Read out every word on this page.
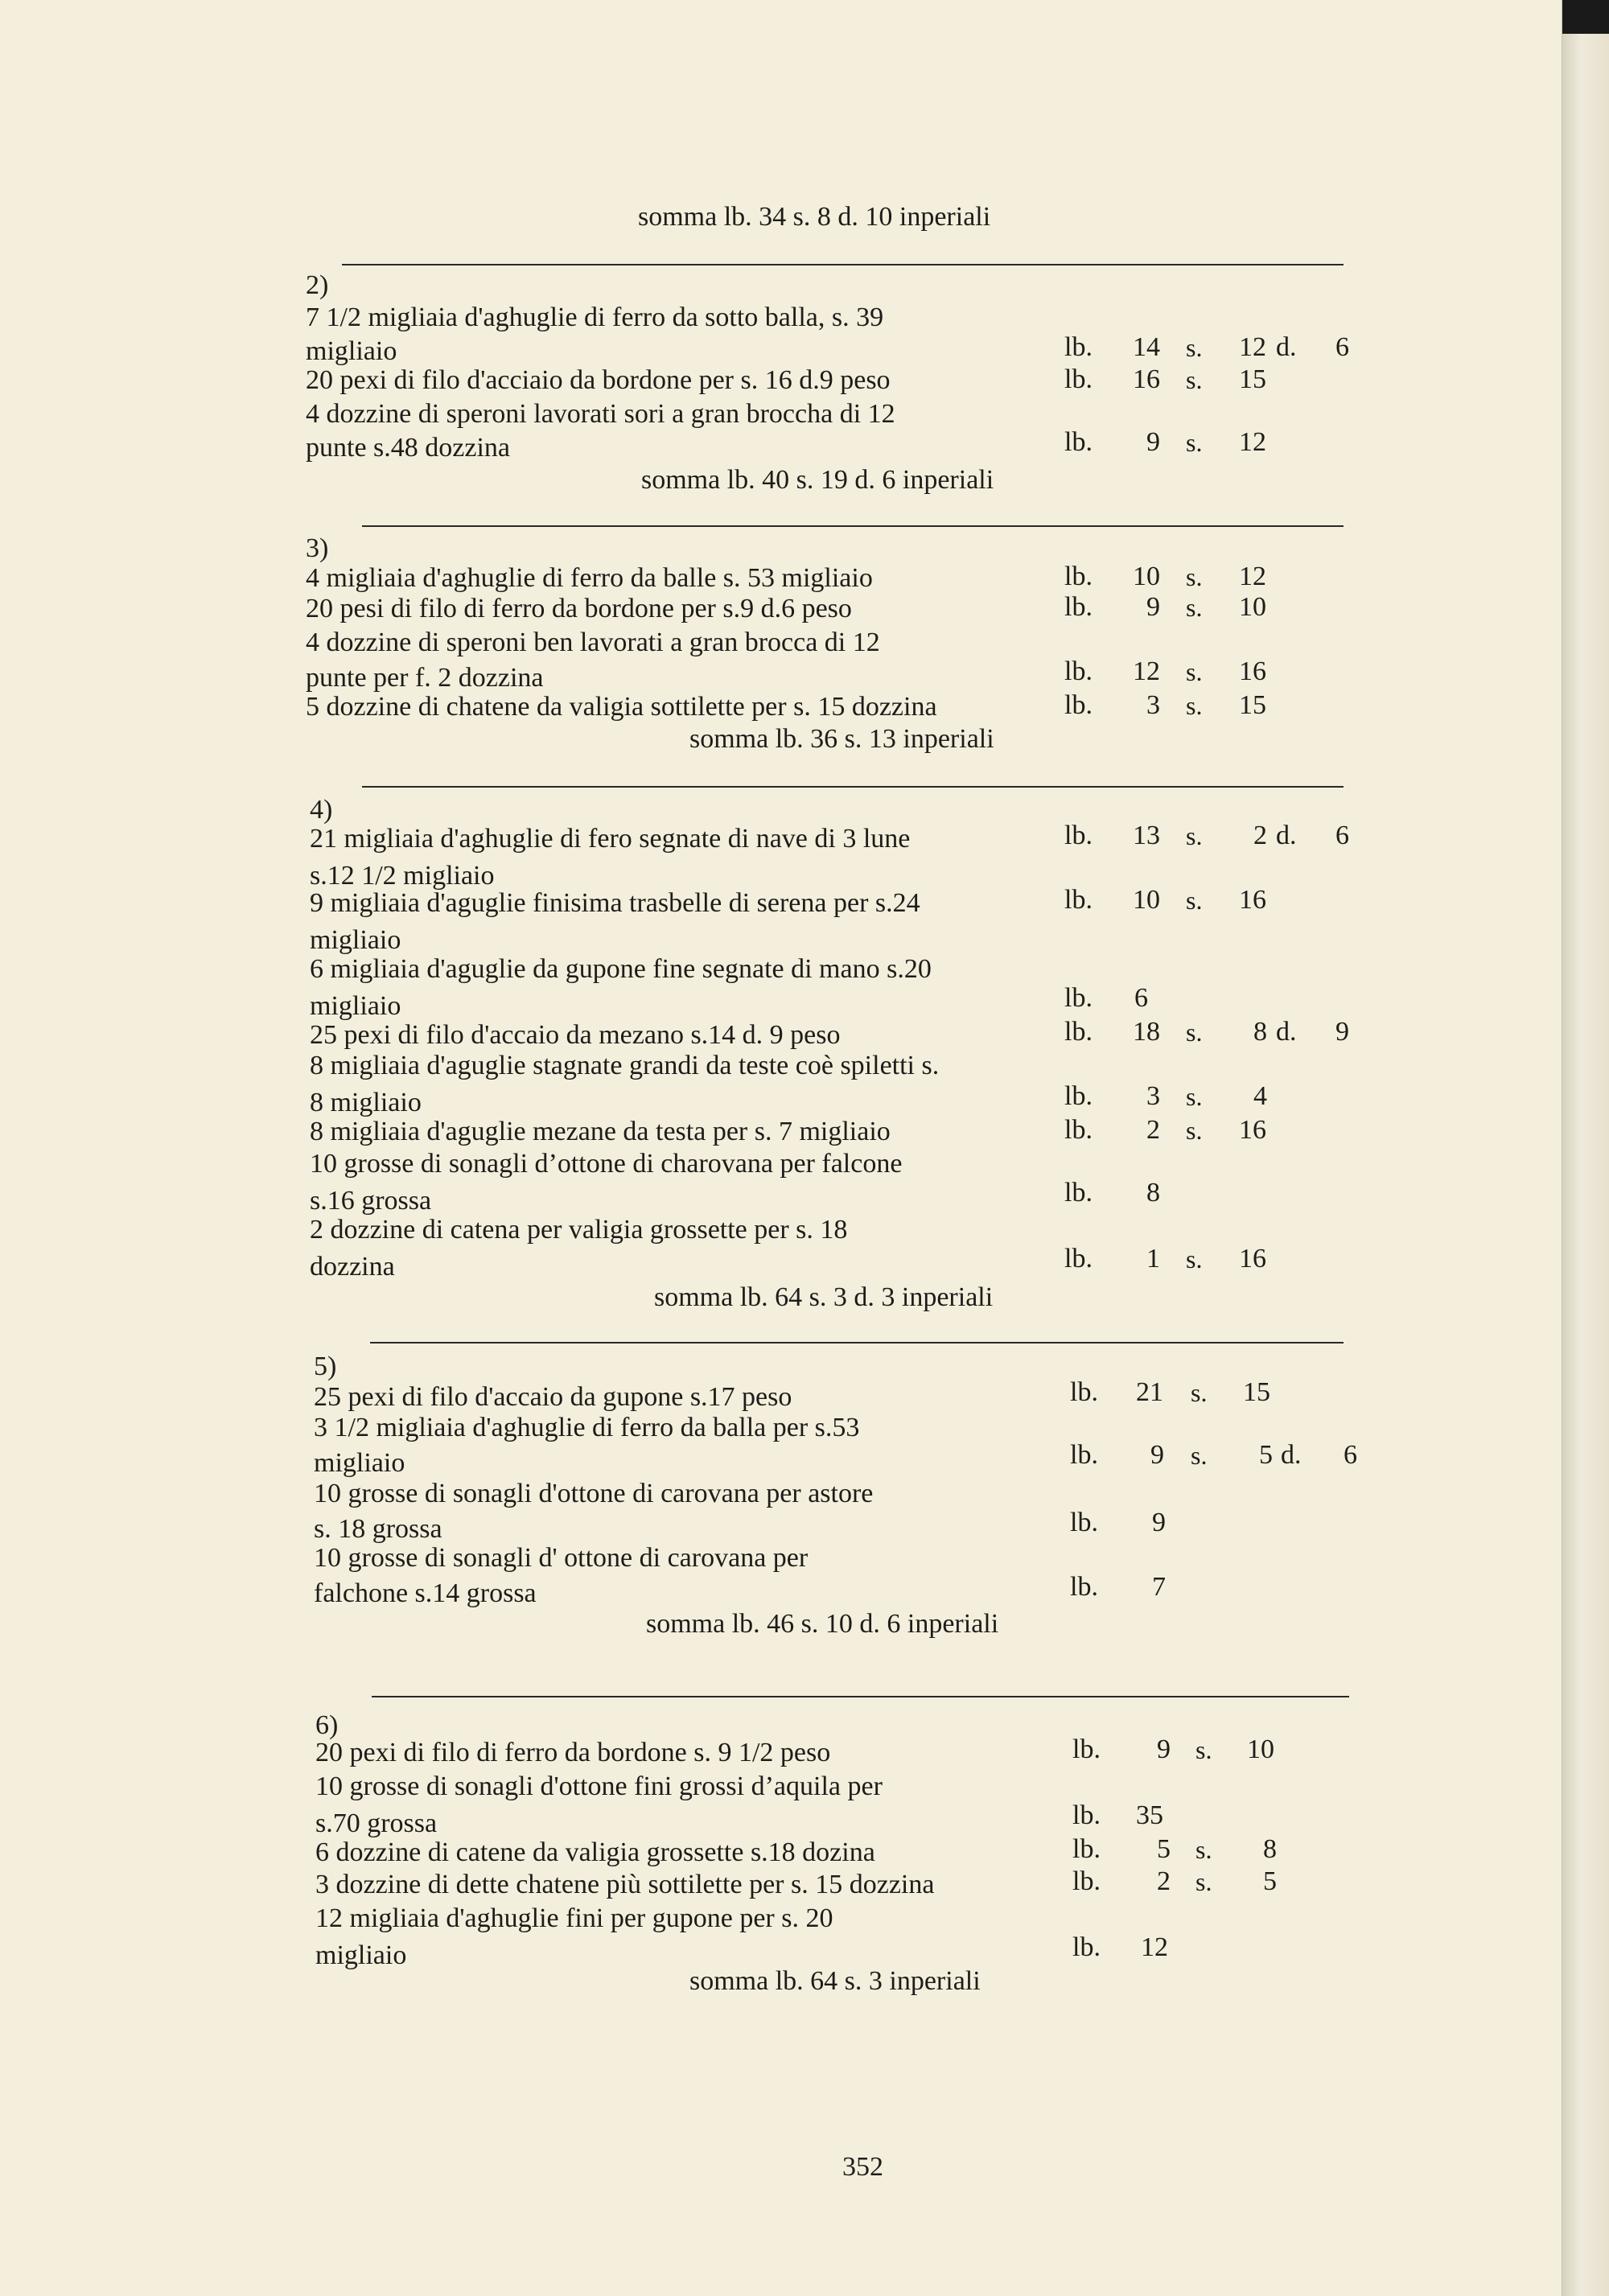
somma lb. 34 s. 8 d. 10 inperiali
2)
7 1/2 migliaia d'aghuglie di ferro da sotto balla, s. 39
migliaio	lb. 14 s. 12 d. 6
20 pexi di filo d'acciaio da bordone per s. 16 d.9 peso	lb. 16 s. 15
4 dozzine di speroni lavorati sori a gran broccha di 12
punte s.48 dozzina	lb. 9 s. 12
somma lb. 40 s. 19 d. 6 inperiali
3)
4 migliaia d'aghuglie di ferro da balle s. 53 migliaio	lb. 10 s. 12
20 pesi di filo di ferro da bordone per s.9 d.6 peso	lb. 9 s. 10
4 dozzine di speroni ben lavorati a gran brocca di 12
punte per f. 2 dozzina	lb. 12 s. 16
5 dozzine di chatene da valigia sottilette per s. 15 dozzina	lb. 3 s. 15
somma lb. 36 s. 13 inperiali
4)
21 migliaia d'aghuglie di fero segnate di nave di 3 lune	lb. 13 s. 2 d. 6
s.12 1/2 migliaio
9 migliaia d'aguglie finisima trasbelle di serena per s.24	lb. 10 s. 16
migliaio
6 migliaia d'aguglie da gupone fine segnate di mano s.20
migliaio	lb. 6
25 pexi di filo d'accaio da mezano s.14 d. 9 peso	lb. 18 s. 8 d. 9
8 migliaia d'aguglie stagnate grandi da teste coè spiletti s.
8 migliaio	lb. 3 s. 4
8 migliaia d'aguglie mezane da testa per s. 7 migliaio	lb. 2 s. 16
10 grosse di sonagli d’ottone di charovana per falcone
s.16 grossa	lb. 8
2 dozzine di catena per valigia grossette per s. 18
dozzina	lb. 1 s. 16
somma lb. 64 s. 3 d. 3 inperiali
5)
25 pexi di filo d'accaio da gupone s.17 peso	lb. 21 s. 15
3 1/2 migliaia d'aghuglie di ferro da balla per s.53
migliaio	lb. 9 s. 5 d. 6
10 grosse di sonagli d'ottone di carovana per astore
s. 18 grossa	lb. 9
10 grosse di sonagli d' ottone di carovana per
falchone s.14 grossa	lb. 7
somma lb. 46 s. 10 d. 6 inperiali
6)
20 pexi di filo di ferro da bordone s. 9 1/2 peso	lb. 9 s. 10
10 grosse di sonagli d'ottone fini grossi d’aquila per
s.70 grossa	lb. 35
6 dozzine di catene da valigia grossette s.18 dozina	lb. 5 s. 8
3 dozzine di dette chatene più sottilette per s. 15 dozzina	lb. 2 s. 5
12 migliaia d'aghuglie fini per gupone per s. 20
migliaio	lb. 12
somma lb. 64 s. 3 inperiali
352
